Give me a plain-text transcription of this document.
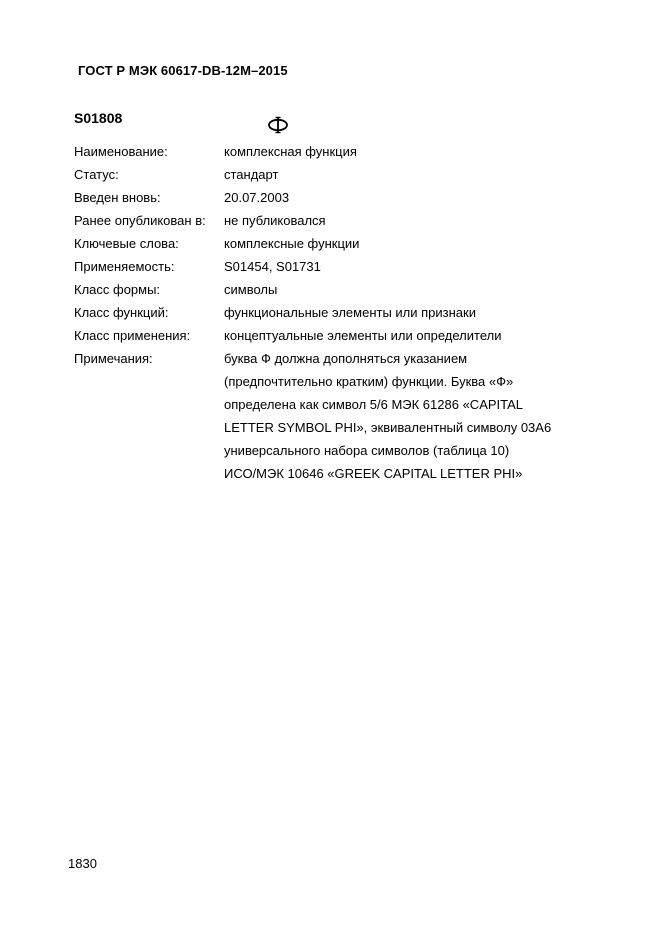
ГОСТ Р МЭК 60617-DB-12M–2015
S01808
Наименование:	комплексная функция
Статус:	стандарт
Введен вновь:	20.07.2003
Ранее опубликован в:	не публиковался
Ключевые слова:	комплексные функции
Применяемость:	S01454, S01731
Класс формы:	символы
Класс функций:	функциональные элементы или признаки
Класс применения:	концептуальные элементы или определители
Примечания:	буква Ф должна дополняться указанием
(предпочтительно кратким) функции. Буква «Ф»
определена как символ 5/6 МЭК 61286 «CAPITAL
LETTER SYMBOL PHI», эквивалентный символу 03A6
универсального набора символов (таблица 10)
ИСО/МЭК 10646 «GREEK CAPITAL LETTER PHI»
1830
